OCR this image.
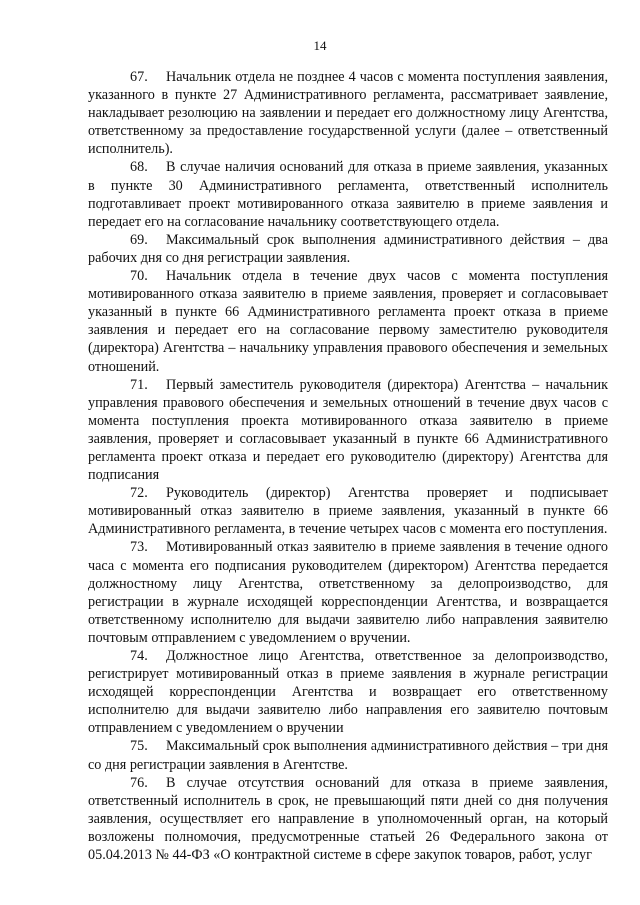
14

67. Начальник отдела не позднее 4 часов с момента поступления заявления, указанного в пункте 27 Административного регламента, рассматривает заявление, накладывает резолюцию на заявлении и передает его должностному лицу Агентства, ответственному за предоставление государственной услуги (далее – ответственный исполнитель).

68. В случае наличия оснований для отказа в приеме заявления, указанных в пункте 30 Административного регламента, ответственный исполнитель подготавливает проект мотивированного отказа заявителю в приеме заявления и передает его на согласование начальнику соответствующего отдела.

69. Максимальный срок выполнения административного действия – два рабочих дня со дня регистрации заявления.

70. Начальник отдела в течение двух часов с момента поступления мотивированного отказа заявителю в приеме заявления, проверяет и согласовывает указанный в пункте 66 Административного регламента проект отказа в приеме заявления и передает его на согласование первому заместителю руководителя (директора) Агентства – начальнику управления правового обеспечения и земельных отношений.

71. Первый заместитель руководителя (директора) Агентства – начальник управления правового обеспечения и земельных отношений в течение двух часов с момента поступления проекта мотивированного отказа заявителю в приеме заявления, проверяет и согласовывает указанный в пункте 66 Административного регламента проект отказа и передает его руководителю (директору) Агентства для подписания

72. Руководитель (директор) Агентства проверяет и подписывает мотивированный отказ заявителю в приеме заявления, указанный в пункте 66 Административного регламента, в течение четырех часов с момента его поступления.

73. Мотивированный отказ заявителю в приеме заявления в течение одного часа с момента его подписания руководителем (директором) Агентства передается должностному лицу Агентства, ответственному за делопроизводство, для регистрации в журнале исходящей корреспонденции Агентства, и возвращается ответственному исполнителю для выдачи заявителю либо направления заявителю почтовым отправлением с уведомлением о вручении.

74. Должностное лицо Агентства, ответственное за делопроизводство, регистрирует мотивированный отказ в приеме заявления в журнале регистрации исходящей корреспонденции Агентства и возвращает его ответственному исполнителю для выдачи заявителю либо направления его заявителю почтовым отправлением с уведомлением о вручении

75. Максимальный срок выполнения административного действия – три дня со дня регистрации заявления в Агентстве.

76. В случае отсутствия оснований для отказа в приеме заявления, ответственный исполнитель в срок, не превышающий пяти дней со дня получения заявления, осуществляет его направление в уполномоченный орган, на который возложены полномочия, предусмотренные статьей 26 Федерального закона от 05.04.2013 № 44-ФЗ «О контрактной системе в сфере закупок товаров, работ, услуг
